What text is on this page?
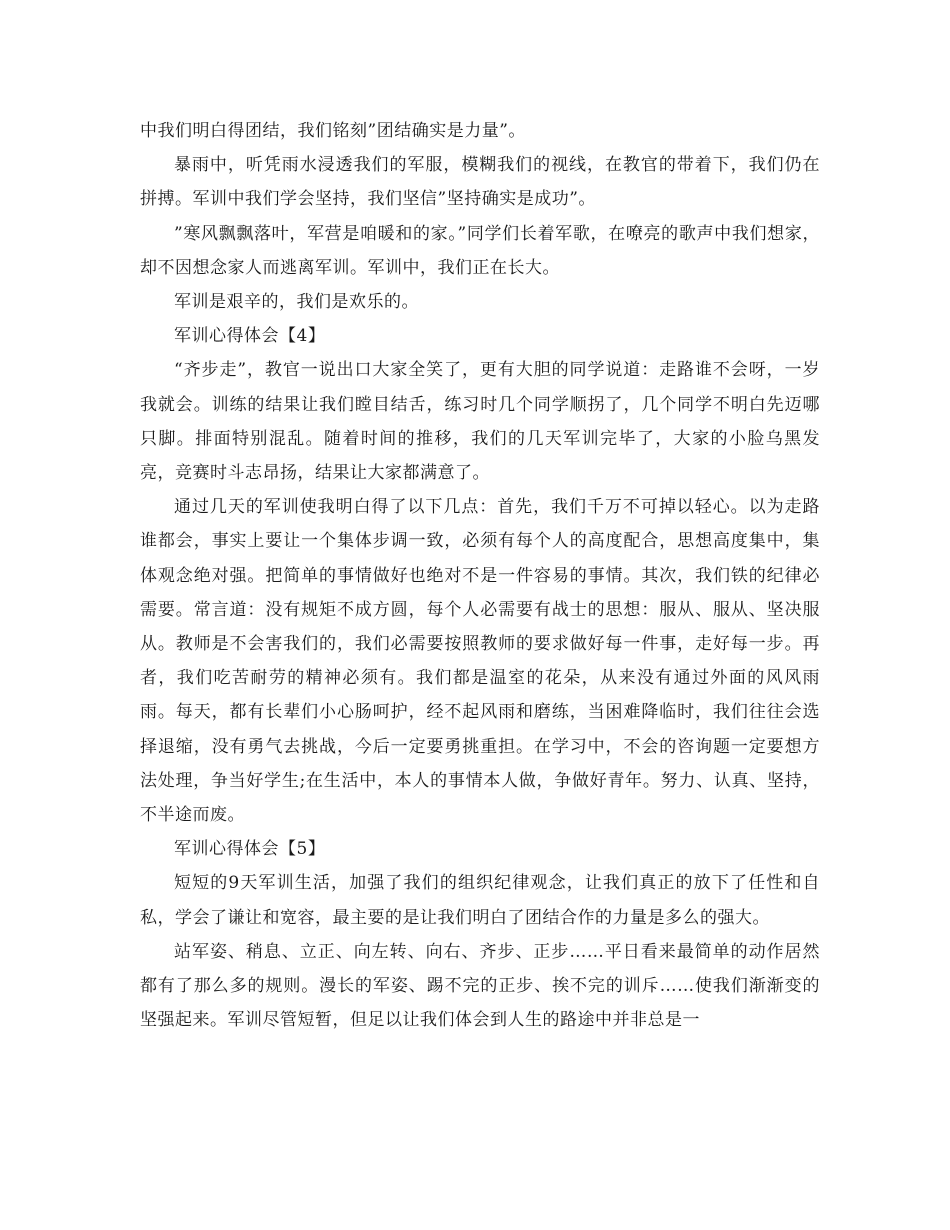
中我们明白得团结，我们铭刻”团结确实是力量”。

暴雨中，听凭雨水浸透我们的军服，模糊我们的视线，在教官的带着下，我们仍在拼搏。军训中我们学会坚持，我们坚信”坚持确实是成功”。

”寒风飘飘落叶，军营是咱暖和的家。”同学们长着军歌，在嘹亮的歌声中我们想家，却不因想念家人而逃离军训。军训中，我们正在长大。

军训是艰辛的，我们是欢乐的。

军训心得体会【4】

“齐步走”，教官一说出口大家全笑了，更有大胆的同学说道：走路谁不会呀，一岁我就会。训练的结果让我们瞠目结舌，练习时几个同学顺拐了，几个同学不明白先迈哪只脚。排面特别混乱。随着时间的推移，我们的几天军训完毕了，大家的小脸乌黑发亮，竞赛时斗志昂扬，结果让大家都满意了。

通过几天的军训使我明白得了以下几点：首先，我们千万不可掉以轻心。以为走路谁都会，事实上要让一个集体步调一致，必须有每个人的高度配合，思想高度集中，集体观念绝对强。把简单的事情做好也绝对不是一件容易的事情。其次，我们铁的纪律必需要。常言道：没有规矩不成方圆，每个人必需要有战士的思想：服从、服从、坚决服从。教师是不会害我们的，我们必需要按照教师的要求做好每一件事，走好每一步。再者，我们吃苦耐劳的精神必须有。我们都是温室的花朵，从来没有通过外面的风风雨雨。每天，都有长辈们小心肠呵护，经不起风雨和磨练，当困难降临时，我们往往会选择退缩，没有勇气去挑战，今后一定要勇挑重担。在学习中，不会的咨询题一定要想方法处理，争当好学生;在生活中，本人的事情本人做，争做好青年。努力、认真、坚持，不半途而废。

军训心得体会【5】

短短的9天军训生活，加强了我们的组织纪律观念，让我们真正的放下了任性和自私，学会了谦让和宽容，最主要的是让我们明白了团结合作的力量是多么的强大。

站军姿、稍息、立正、向左转、向右、齐步、正步……平日看来最简单的动作居然都有了那么多的规则。漫长的军姿、踢不完的正步、挨不完的训斥……使我们渐渐变的坚强起来。军训尽管短暂，但足以让我们体会到人生的路途中并非总是一
